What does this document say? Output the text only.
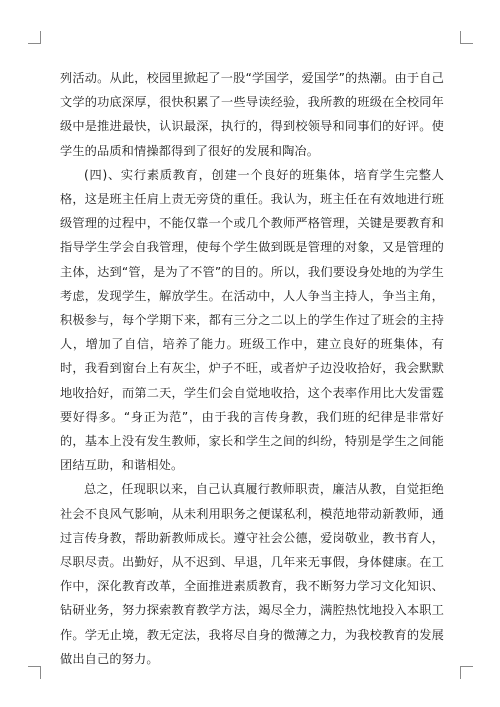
列活动。从此，校园里掀起了一股“学国学，爱国学”的热潮。由于自己文学的功底深厚，很快积累了一些导读经验，我所教的班级在全校同年级中是推进最快，认识最深，执行的，得到校领导和同事们的好评。使学生的品质和情操都得到了很好的发展和陶冶。

(四)、实行素质教育，创建一个良好的班集体，培育学生完整人格，这是班主任肩上责无旁贷的重任。我认为，班主任在有效地进行班级管理的过程中，不能仅靠一个或几个教师严格管理，关键是要教育和指导学生学会自我管理，使每个学生做到既是管理的对象，又是管理的主体，达到“管，是为了不管”的目的。所以，我们要设身处地的为学生考虑，发现学生，解放学生。在活动中，人人争当主持人，争当主角，积极参与，每个学期下来，都有三分之二以上的学生作过了班会的主持人，增加了自信，培养了能力。班级工作中，建立良好的班集体，有时，我看到窗台上有灰尘，炉子不旺，或者炉子边没收拾好，我会默默地收拾好，而第二天，学生们会自觉地收拾，这个表率作用比大发雷霆要好得多。“身正为范”，由于我的言传身教，我们班的纪律是非常好的，基本上没有发生教师，家长和学生之间的纠纷，特别是学生之间能团结互助，和谐相处。

总之，任现职以来，自己认真履行教师职责，廉洁从教，自觉拒绝社会不良风气影响，从未利用职务之便谋私利，模范地带动新教师，通过言传身教，帮助新教师成长。遵守社会公德，爱岗敬业，教书育人，尽职尽责。出勤好，从不迟到、早退，几年来无事假，身体健康。在工作中，深化教育改革，全面推进素质教育，我不断努力学习文化知识、钻研业务，努力探索教育教学方法，竭尽全力，满腔热忱地投入本职工作。学无止境，教无定法，我将尽自身的微薄之力，为我校教育的发展做出自己的努力。
